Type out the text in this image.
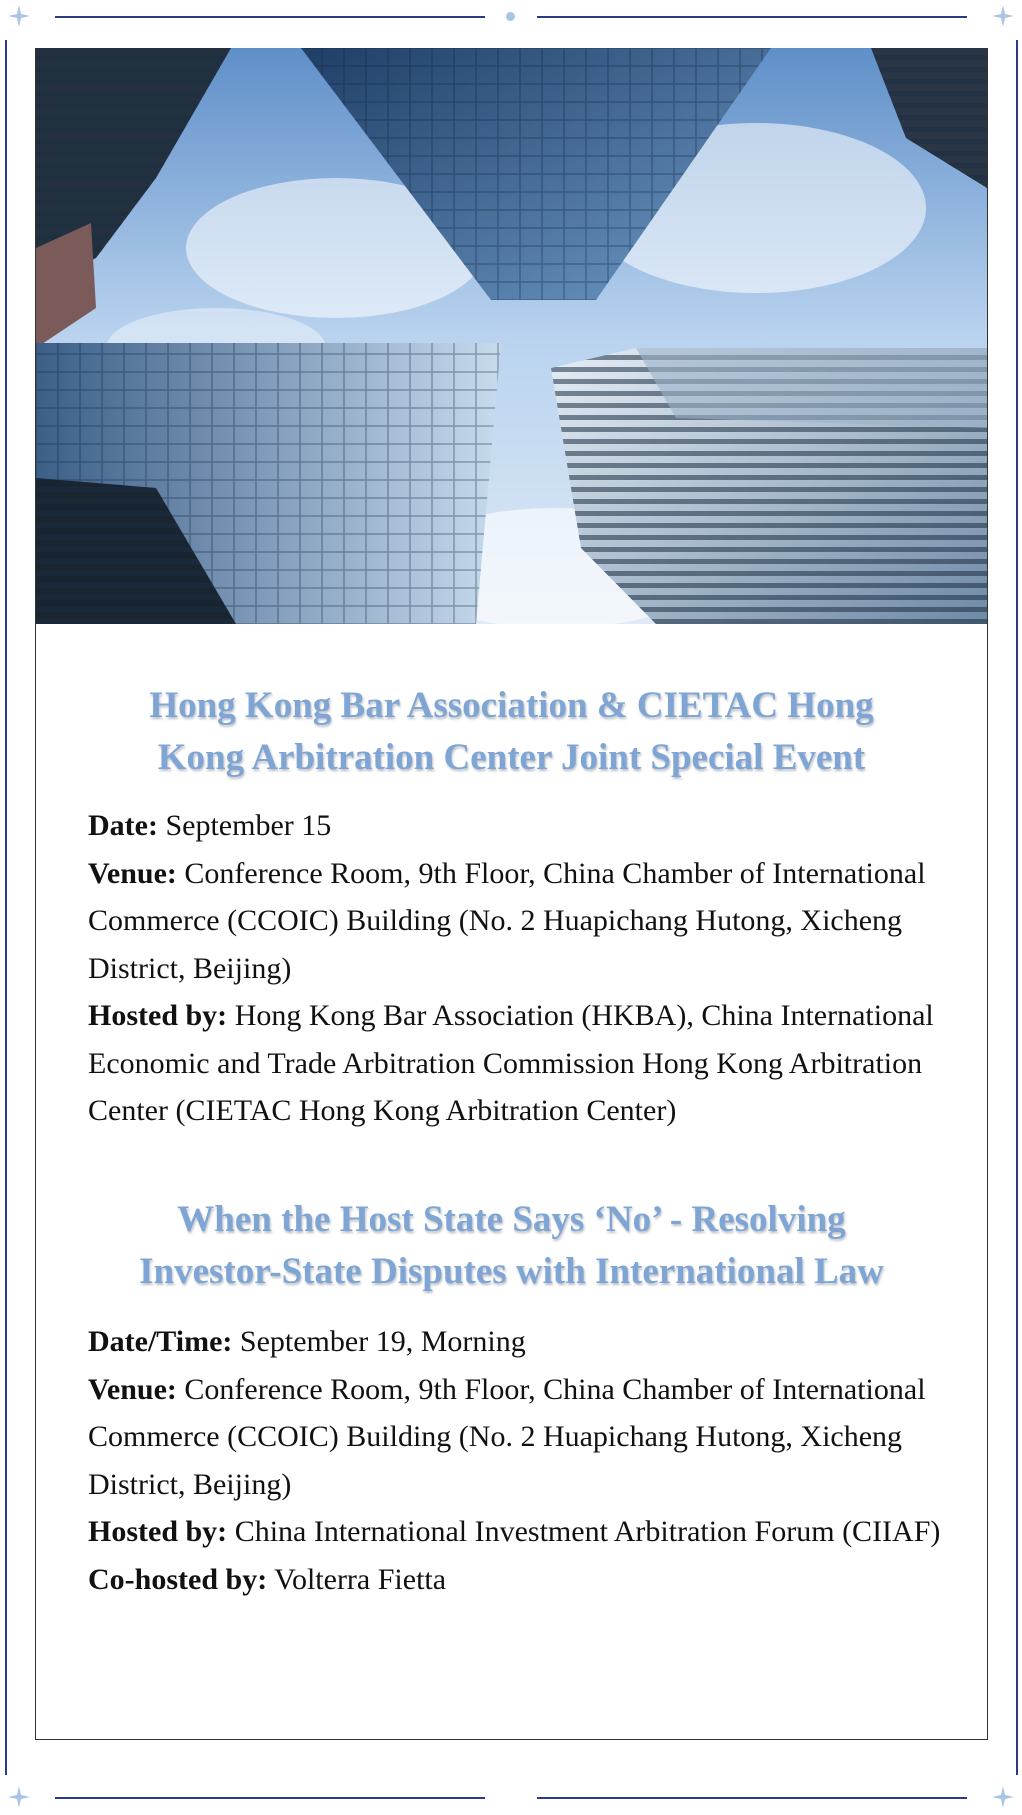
Hong Kong Bar Association & CIETAC Hong Kong Arbitration Center Joint Special Event

Date: September 15

Venue: Conference Room, 9th Floor, China Chamber of International Commerce (CCOIC) Building (No. 2 Huapichang Hutong, Xicheng District, Beijing)

Hosted by: Hong Kong Bar Association (HKBA), China International Economic and Trade Arbitration Commission Hong Kong Arbitration Center (CIETAC Hong Kong Arbitration Center)

When the Host State Says ‘No’ - Resolving Investor-State Disputes with International Law

Date/Time: September 19, Morning

Venue: Conference Room, 9th Floor, China Chamber of International Commerce (CCOIC) Building (No. 2 Huapichang Hutong, Xicheng District, Beijing)

Hosted by: China International Investment Arbitration Forum (CIIAF)

Co-hosted by: Volterra Fietta
